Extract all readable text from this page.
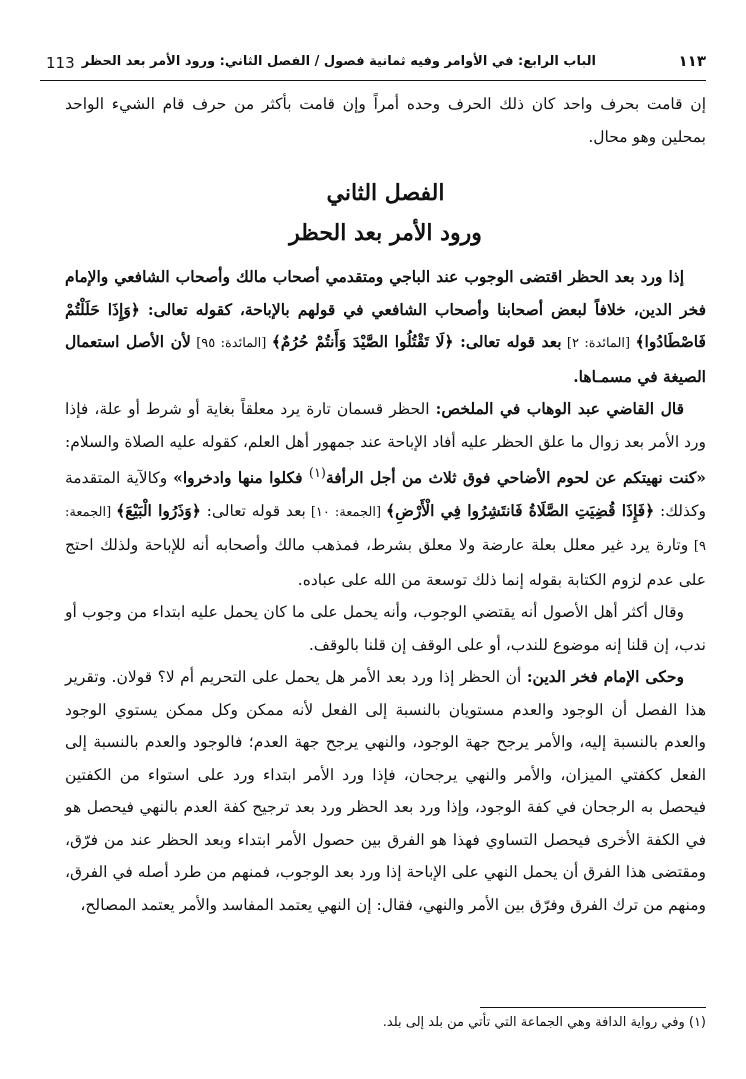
١١٣
الباب الرابع: في الأوامر وفيه ثمانية فصول / الفصل الثاني: ورود الأمر بعد الحظر
113

إن قامت بحرف واحد كان ذلك الحرف وحده أمراً وإن قامت بأكثر من حرف قام الشيء الواحد بمحلين وهو محال.

الفصل الثاني
ورود الأمر بعد الحظر

إذا ورد بعد الحظر اقتضى الوجوب عند الباجي ومتقدمي أصحاب مالك وأصحاب الشافعي والإمام فخر الدين، خلافاً لبعض أصحابنا وأصحاب الشافعي في قولهم بالإباحة، كقوله تعالى: ﴿وَإِذَا حَلَلْتُمْ فَاصْطَادُوا﴾ [المائدة: ٢] بعد قوله تعالى: ﴿لَا تَقْتُلُوا الصَّيْدَ وَأَنتُمْ حُرُمٌ﴾ [المائدة: ٩٥] لأن الأصل استعمال الصيغة في مسمـاها.

قال القاضي عبد الوهاب في الملخص: الحظر قسمان تارة يرد معلقاً بغاية أو شرط أو علة، فإذا ورد الأمر بعد زوال ما علق الحظر عليه أفاد الإباحة عند جمهور أهل العلم، كقوله عليه الصلاة والسلام: «كنت نهيتكم عن لحوم الأضاحي فوق ثلاث من أجل الرأفة$^{(١)}$ فكلوا منها وادخروا» وكالآية المتقدمة وكذلك: ﴿فَإِذَا قُضِيَتِ الصَّلَاةُ فَانتَشِرُوا فِي الْأَرْضِ﴾ [الجمعة: ١٠] بعد قوله تعالى: ﴿وَذَرُوا الْبَيْعَ﴾ [الجمعة: ٩] وتارة يرد غير معلل بعلة عارضة ولا معلق بشرط، فمذهب مالك وأصحابه أنه للإباحة ولذلك احتج على عدم لزوم الكتابة بقوله إنما ذلك توسعة من الله على عباده.

وقال أكثر أهل الأصول أنه يقتضي الوجوب، وأنه يحمل على ما كان يحمل عليه ابتداء من وجوب أو ندب، إن قلنا إنه موضوع للندب، أو على الوقف إن قلنا بالوقف.

وحكى الإمام فخر الدين: أن الحظر إذا ورد بعد الأمر هل يحمل على التحريم أم لا؟ قولان. وتقرير هذا الفصل أن الوجود والعدم مستويان بالنسبة إلى الفعل لأنه ممكن وكل ممكن يستوي الوجود والعدم بالنسبة إليه، والأمر يرجح جهة الوجود، والنهي يرجح جهة العدم؛ فالوجود والعدم بالنسبة إلى الفعل ككفتي الميزان، والأمر والنهي يرجحان، فإذا ورد الأمر ابتداء ورد على استواء من الكفتين فيحصل به الرجحان في كفة الوجود، وإذا ورد بعد الحظر ورد بعد ترجيح كفة العدم بالنهي فيحصل هو في الكفة الأخرى فيحصل التساوي فهذا هو الفرق بين حصول الأمر ابتداء وبعد الحظر عند من فرّق، ومقتضى هذا الفرق أن يحمل النهي على الإباحة إذا ورد بعد الوجوب، فمنهم من طرد أصله في الفرق، ومنهم من ترك الفرق وفرّق بين الأمر والنهي، فقال: إن النهي يعتمد المفاسد والأمر يعتمد المصالح،

(١) وفي رواية الدافة وهي الجماعة التي تأتي من بلد إلى بلد.
